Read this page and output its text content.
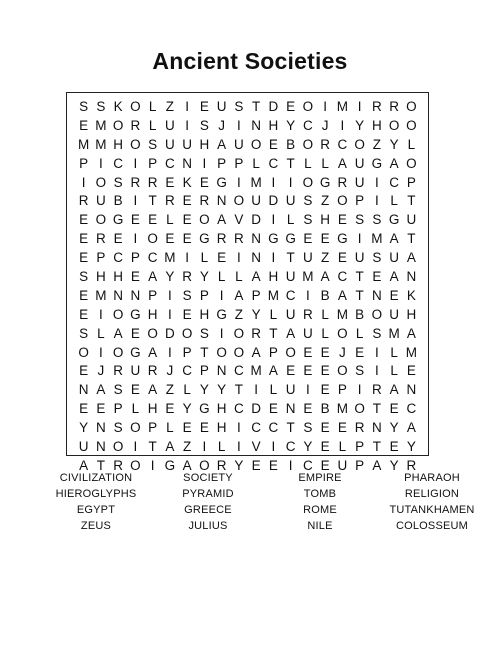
Ancient Societies
S S K O L Z I E U S T D E O I M I R R O
E M O R L U I S J I N H Y C J I Y H O O
M M H O S U U H A U O E B O R C O Z Y L
P I C I P C N I P P L C T L L A U G A O
I O S R R E K E G I M I I O G R U I C P
R U B I T R E R N O U D U S Z O P I L T
E O G E E L E O A V D I L S H E S S G U
E R E I O E E G R R N G G E E G I M A T
E P C P C M I L E I N I T U Z E U S U A
S H H E A Y R Y L L A H U M A C T E A N
E M N N P I S P I A P M C I B A T N E K
E I O G H I E H G Z Y L U R L M B O U H
S L A E O D O S I O R T A U L O L S M A
O I O G A I P T O O A P O E E J E I L M
E J R U R J C P N C M A E E E O S I L E
N A S E A Z L Y Y T I L U I E P I R A N
E E P L H E Y G H C D E N E B M O T E C
Y N S O P L E E H I C C T S E E R N Y A
U N O I T A Z I L I V I C Y E L P T E Y
A T R O I G A O R Y E E I C E U P A Y R
CIVILIZATION	SOCIETY	EMPIRE	PHARAOH
HIEROGLYPHS	PYRAMID	TOMB	RELIGION
EGYPT	GREECE	ROME	TUTANKHAMEN
ZEUS	JULIUS	NILE	COLOSSEUM
